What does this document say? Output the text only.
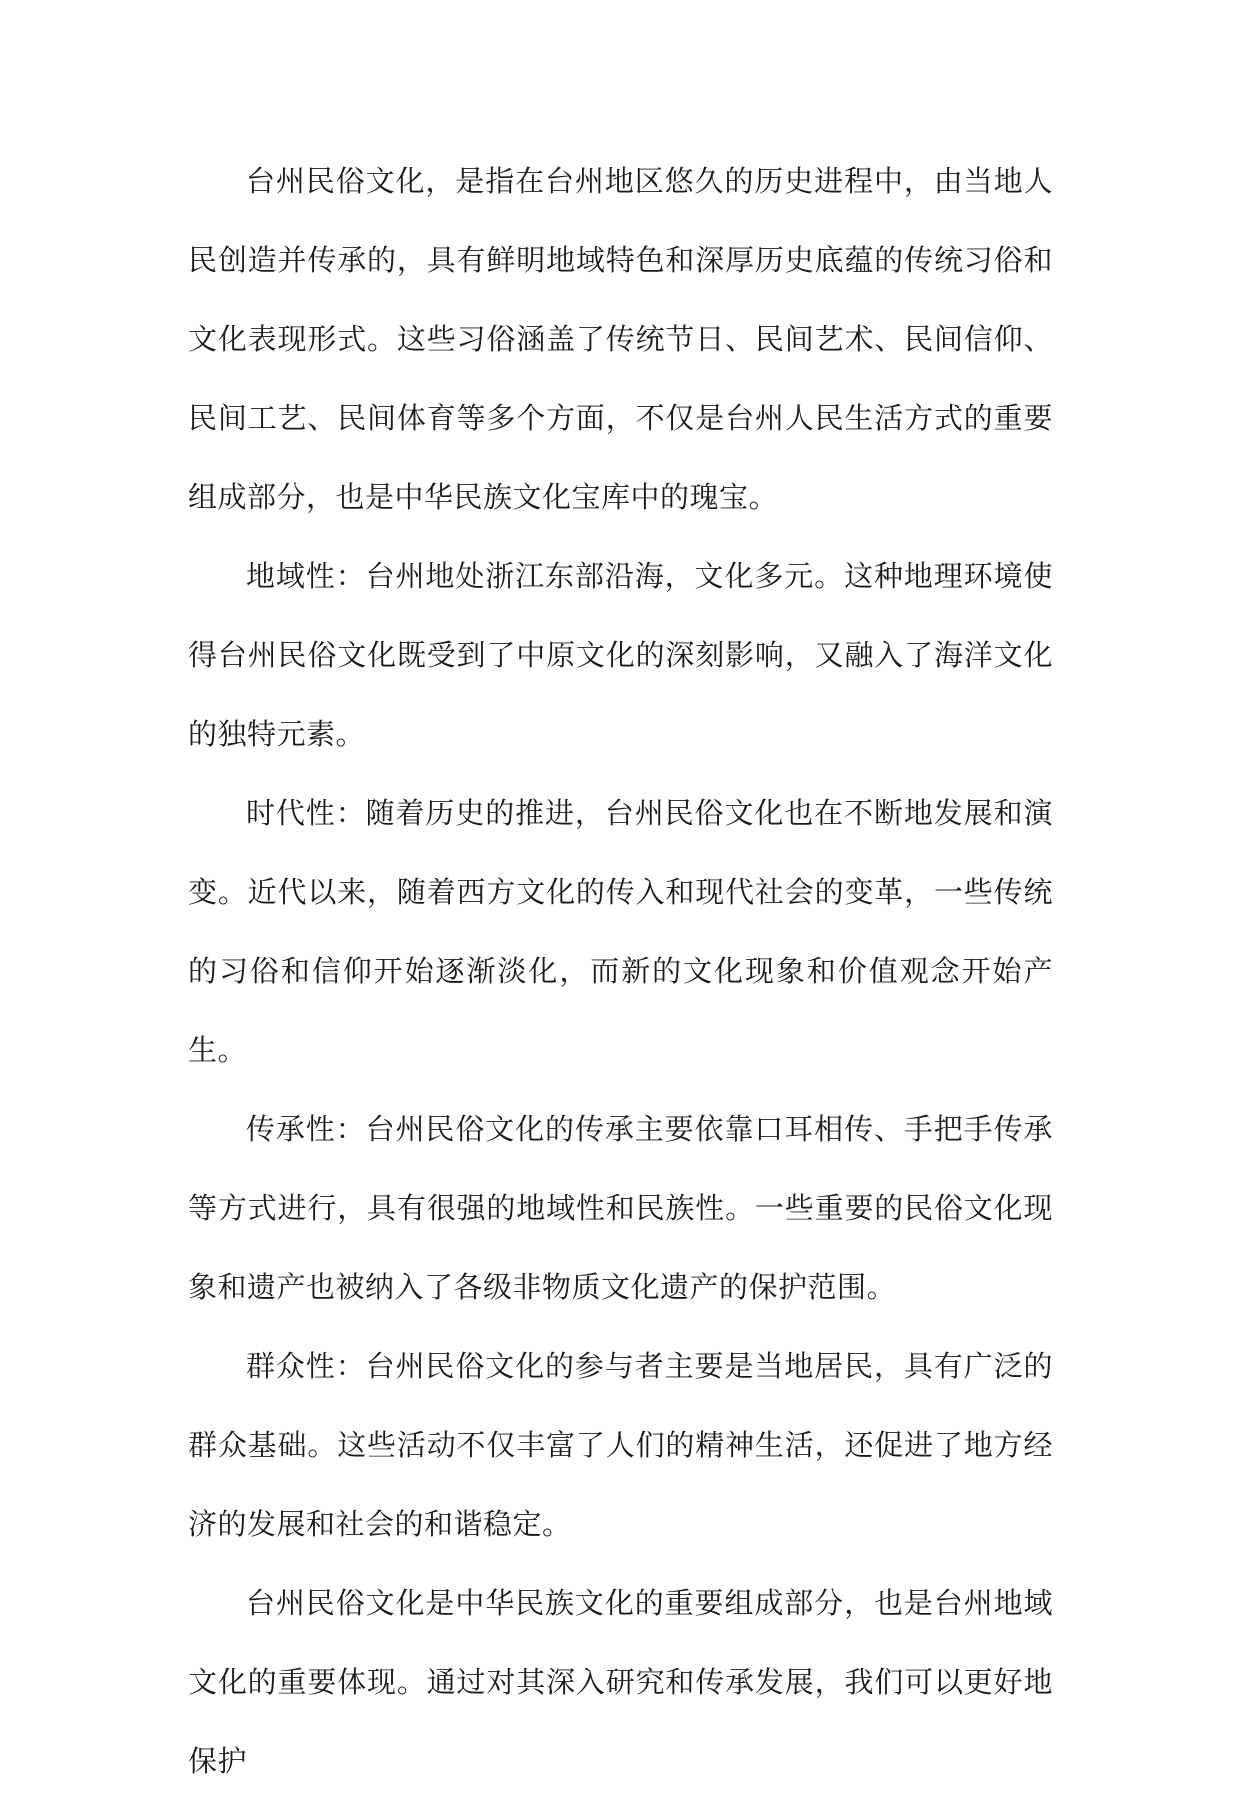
台州民俗文化，是指在台州地区悠久的历史进程中，由当地人民创造并传承的，具有鲜明地域特色和深厚历史底蕴的传统习俗和文化表现形式。这些习俗涵盖了传统节日、民间艺术、民间信仰、民间工艺、民间体育等多个方面，不仅是台州人民生活方式的重要组成部分，也是中华民族文化宝库中的瑰宝。

地域性：台州地处浙江东部沿海，文化多元。这种地理环境使得台州民俗文化既受到了中原文化的深刻影响，又融入了海洋文化的独特元素。

时代性：随着历史的推进，台州民俗文化也在不断地发展和演变。近代以来，随着西方文化的传入和现代社会的变革，一些传统的习俗和信仰开始逐渐淡化，而新的文化现象和价值观念开始产生。

传承性：台州民俗文化的传承主要依靠口耳相传、手把手传承等方式进行，具有很强的地域性和民族性。一些重要的民俗文化现象和遗产也被纳入了各级非物质文化遗产的保护范围。

群众性：台州民俗文化的参与者主要是当地居民，具有广泛的群众基础。这些活动不仅丰富了人们的精神生活，还促进了地方经济的发展和社会的和谐稳定。

台州民俗文化是中华民族文化的重要组成部分，也是台州地域文化的重要体现。通过对其深入研究和传承发展，我们可以更好地保护
